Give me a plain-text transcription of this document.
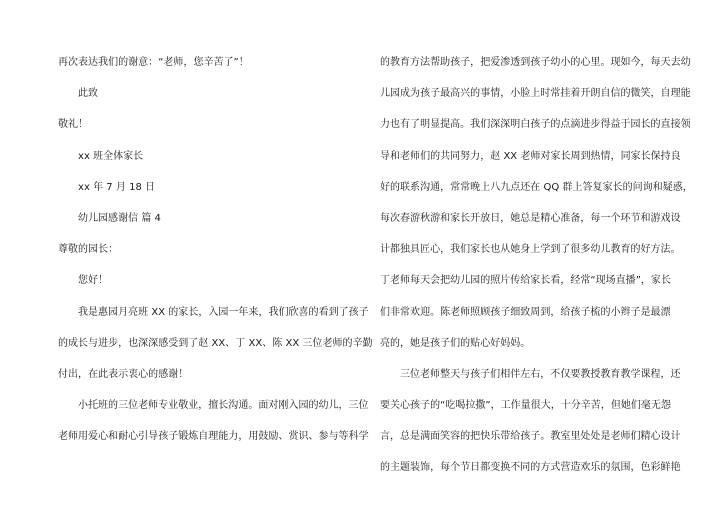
再次表达我们的谢意：“老师，您辛苦了”！
此致
敬礼！
xx 班全体家长
xx 年 7 月 18 日
幼儿园感谢信 篇 4
尊敬的园长：
您好！
我是惠园月亮班 XX 的家长，入园一年来，我们欣喜的看到了孩子
的成长与进步，也深深感受到了赵 XX、丁 XX、陈 XX 三位老师的辛勤
付出，在此表示衷心的感谢！
小托班的三位老师专业敬业，擅长沟通。面对刚入园的幼儿，三位
老师用爱心和耐心引导孩子锻炼自理能力，用鼓励、赏识、参与等科学
的教育方法帮助孩子，把爱渗透到孩子幼小的心里。现如今，每天去幼
儿园成为孩子最高兴的事情，小脸上时常挂着开朗自信的微笑，自理能
力也有了明显提高。我们深深明白孩子的点滴进步得益于园长的直接领
导和老师们的共同努力，赵 XX 老师对家长周到热情，同家长保持良
好的联系沟通，常常晚上八九点还在 QQ 群上答复家长的问询和疑惑，
每次春游秋游和家长开放日，她总是精心准备，每一个环节和游戏设
计都独具匠心，我们家长也从她身上学到了很多幼儿教育的好方法。
丁老师每天会把幼儿园的照片传给家长看，经常“现场直播”，家长
们非常欢迎。陈老师照顾孩子细致周到，给孩子梳的小辫子是最漂
亮的，她是孩子们的贴心好妈妈。
三位老师整天与孩子们相伴左右，不仅要教授教育教学课程，还
要关心孩子的“吃喝拉撒”，工作量很大，十分辛苦，但她们毫无怨
言，总是满面笑容的把快乐带给孩子。教室里处处是老师们精心设计
的主题装饰，每个节日都变换不同的方式营造欢乐的氛围，色彩鲜艳
